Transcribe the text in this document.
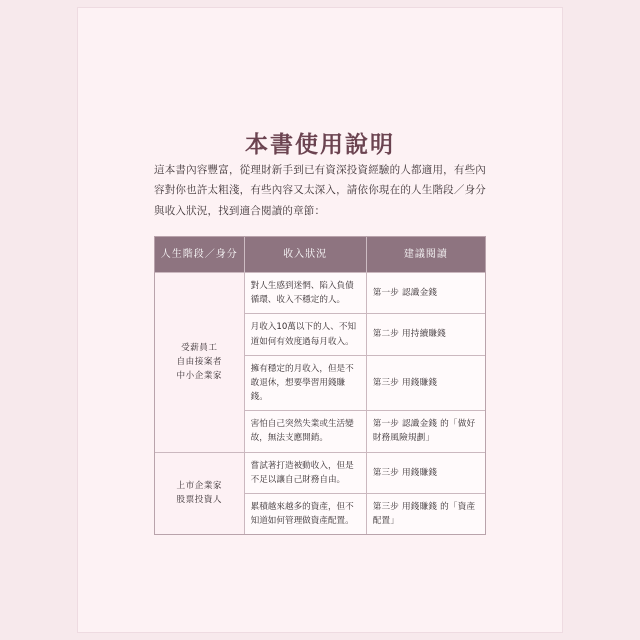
本書使用說明
這本書內容豐富，從理財新手到已有資深投資經驗的人都適用，有些內容對你也許太粗淺，有些內容又太深入，請依你現在的人生階段／身分與收入狀況，找到適合閱讀的章節：
人生階段／身分	收入狀況	建議閱讀

受薪員工
自由接案者
中小企業家	對人生感到迷惘、陷入負債循環、收入不穩定的人。	第一步 認識金錢
	月收入10萬以下的人、不知道如何有效度過每月收入。	第二步 用持續賺錢
	擁有穩定的月收入，但是不敢退休，想要學習用錢賺錢。	第三步 用錢賺錢
	害怕自己突然失業或生活變故，無法支應開銷。	第一步 認識金錢 的「做好財務風險規劃」

上市企業家
股票投資人	嘗試著打造被動收入，但是不足以讓自己財務自由。	第三步 用錢賺錢
	累積越來越多的資產，但不知道如何管理做資產配置。	第三步 用錢賺錢 的「資產配置」
